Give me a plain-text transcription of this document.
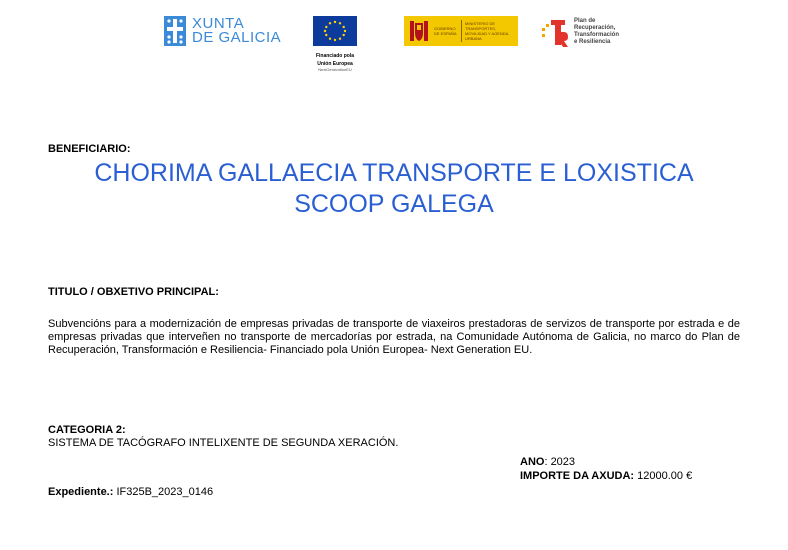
XUNTA
DE GALICIA
Financiado pola
Unión Europea
NextGenerationEU
GOBIERNO DE ESPAÑA
MINISTERIO DE TRANSPORTES, MOVILIDAD Y AGENDA URBANA
Plan de
Recuperación,
Transformación
e Resiliencia
BENEFICIARIO:
CHORIMA GALLAECIA TRANSPORTE E LOXISTICA
SCOOP GALEGA
TITULO / OBXETIVO PRINCIPAL:
Subvencións para a modernización de empresas privadas de transporte de viaxeiros prestadoras de servizos de transporte por estrada e de empresas privadas que interveñen no transporte de mercadorías por estrada, na Comunidade Autónoma de Galicia, no marco do Plan de Recuperación, Transformación e Resiliencia- Financiado pola Unión Europea- Next Generation EU.
CATEGORIA 2:
SISTEMA DE TACÓGRAFO INTELIXENTE DE SEGUNDA XERACIÓN.
ANO: 2023
IMPORTE DA AXUDA: 12000.00 €
Expediente.: IF325B_2023_0146
